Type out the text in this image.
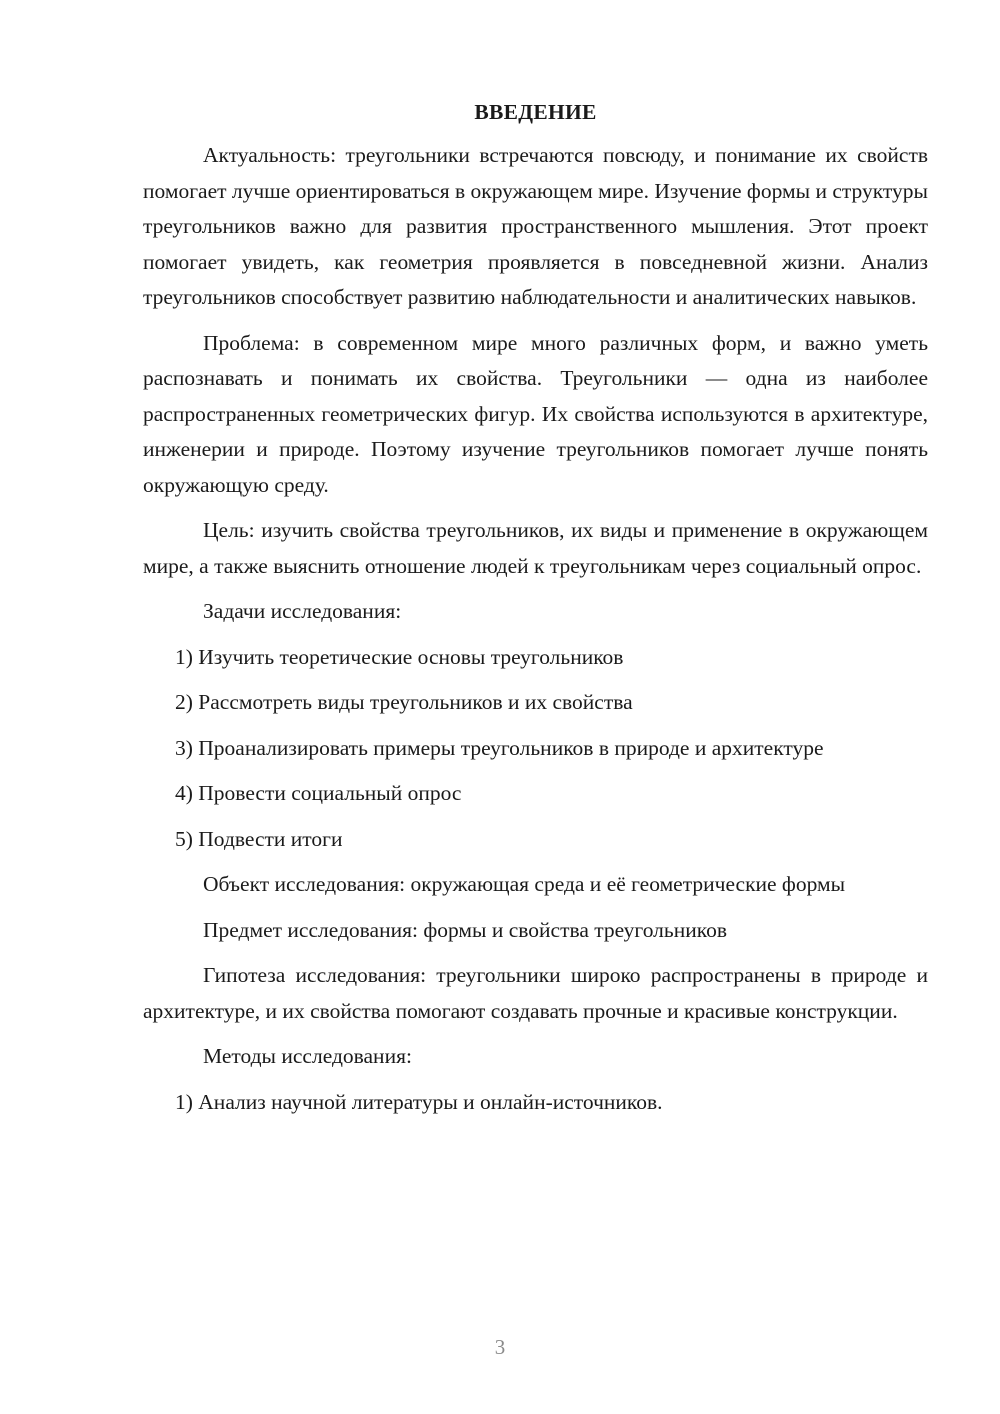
ВВЕДЕНИЕ

Актуальность: треугольники встречаются повсюду, и понимание их свойств помогает лучше ориентироваться в окружающем мире. Изучение формы и структуры треугольников важно для развития пространственного мышления. Этот проект помогает увидеть, как геометрия проявляется в повседневной жизни. Анализ треугольников способствует развитию наблюдательности и аналитических навыков.

Проблема: в современном мире много различных форм, и важно уметь распознавать и понимать их свойства. Треугольники — одна из наиболее распространенных геометрических фигур. Их свойства используются в архитектуре, инженерии и природе. Поэтому изучение треугольников помогает лучше понять окружающую среду.

Цель: изучить свойства треугольников, их виды и применение в окружающем мире, а также выяснить отношение людей к треугольникам через социальный опрос.

Задачи исследования:

1) Изучить теоретические основы треугольников

2) Рассмотреть виды треугольников и их свойства

3) Проанализировать примеры треугольников в природе и архитектуре

4) Провести социальный опрос

5) Подвести итоги

Объект исследования: окружающая среда и её геометрические формы

Предмет исследования: формы и свойства треугольников

Гипотеза исследования: треугольники широко распространены в природе и архитектуре, и их свойства помогают создавать прочные и красивые конструкции.

Методы исследования:

1) Анализ научной литературы и онлайн-источников.

3
